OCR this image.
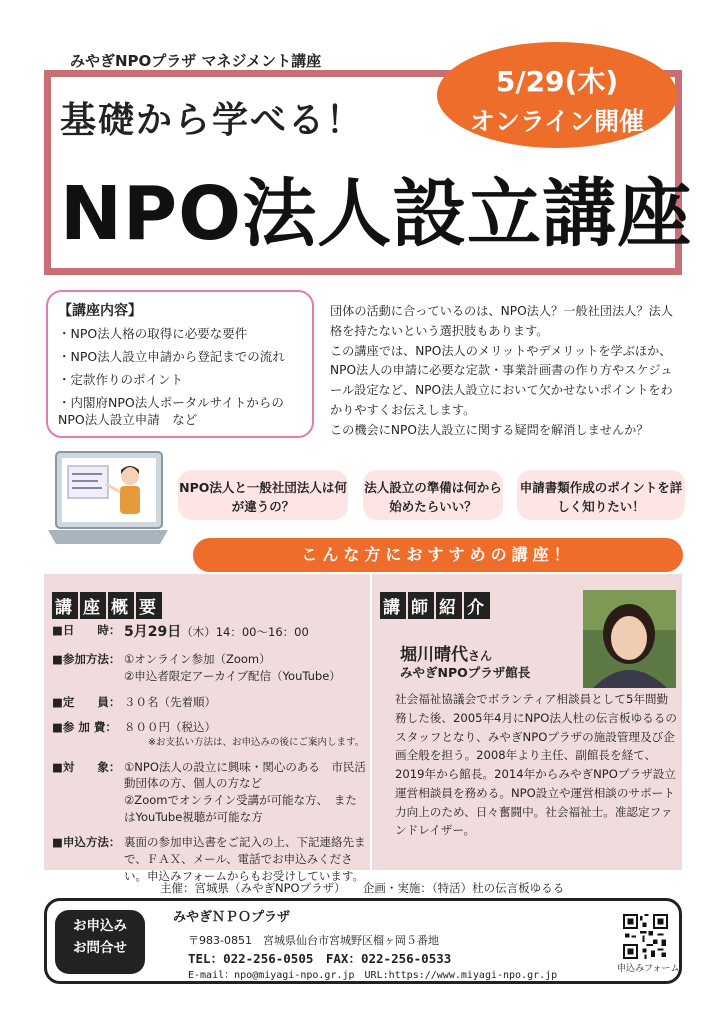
みやぎNPOプラザ マネジメント講座
基礎から学べる！
NPO法人設立講座
5/29(木)
オンライン開催
【講座内容】
・NPO法人格の取得に必要な要件
・NPO法人設立申請から登記までの流れ
・定款作りのポイント
・内閣府NPO法人ポータルサイトからの　NPO法人設立申請　など

団体の活動に合っているのは、NPO法人？一般社団法人？法人格を持たないという選択肢もあります。

この講座では、NPO法人のメリットやデメリットを学ぶほか、NPO法人の申請に必要な定款・事業計画書の作り方やスケジュール設定など、NPO法人設立において欠かせないポイントをわかりやすくお伝えします。

この機会にNPO法人設立に関する疑問を解消しませんか？

NPO法人と一般社団法人は何が違うの？
法人設立の準備は何から始めたらいい？
申請書類作成のポイントを詳しく知りたい！
こんな方におすすめの講座！
講 座 概 要
■日　　時： 5月29日（木）14：00〜16：00
■参加方法： ①オンライン参加（Zoom）
②申込者限定アーカイブ配信（YouTube）
■定　　員： ３０名（先着順）
■参 加 費： ８００円（税込）
※お支払い方法は、お申込みの後にご案内します。
■対　　象： ①NPO法人の設立に興味・関心のある　市民活動団体の方、個人の方など
②Zoomでオンライン受講が可能な方、　またはYouTube視聴が可能な方
■申込方法： 裏面の参加申込書をご記入の上、下記連絡先まで、ＦＡＸ、メール、電話でお申込みください。申込みフォームからもお受けしています。
講 師 紹 介
堀川晴代さん
みやぎNPOプラザ館長
社会福祉協議会でボランティア相談員として5年間勤務した後、2005年4月にNPO法人杜の伝言板ゆるるのスタッフとなり、みやぎNPOプラザの施設管理及び企画全般を担う。2008年より主任、副館長を経て、2019年から館長。2014年からみやぎNPOプラザ設立運営相談員を務める。NPO設立や運営相談のサポート力向上のため、日々奮闘中。社会福祉士。准認定ファンドレイザー。
主催：宮城県（みやぎNPOプラザ）　　企画・実施：（特活）杜の伝言板ゆるる
お申込み
お問合せ
みやぎＮＰＯプラザ
〒983-0851　宮城県仙台市宮城野区榴ヶ岡５番地
TEL：022-256-0505　FAX：022-256-0533
E-mail：npo@miyagi-npo.gr.jp　URL:https://www.miyagi-npo.gr.jp
申込みフォーム
